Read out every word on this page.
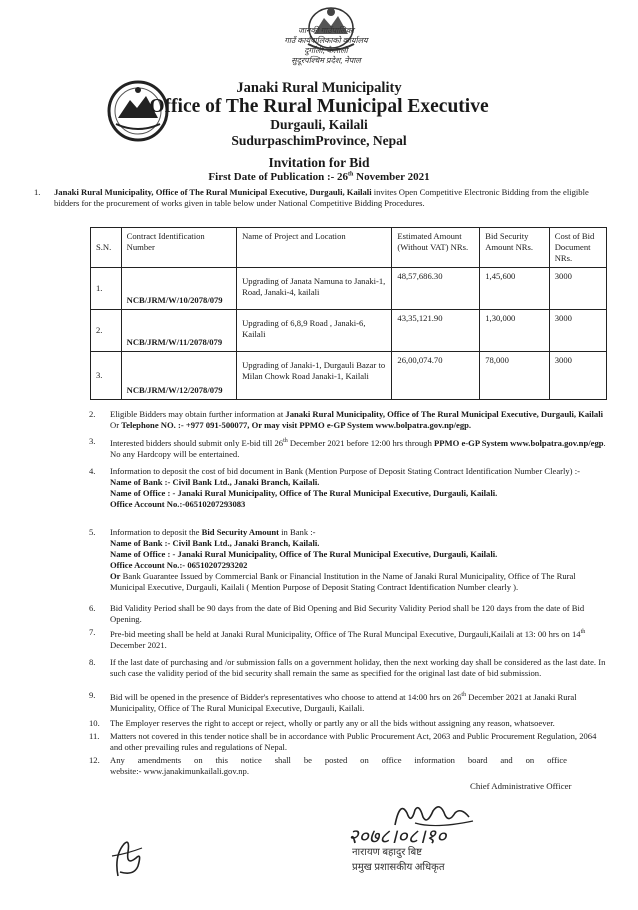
जानकी गाउँपालिका
गाउँ कार्यपालिकाको कार्यालय
दुर्गौली, कैलाली
सुदूरपश्चिम प्रदेश, नेपाल
Janaki Rural Municipality
Office of The Rural Municipal Executive
Durgauli, Kailali
SudurpaschimProvince, Nepal
Invitation for Bid
First Date of Publication :- 26th November 2021
1. Janaki Rural Municipality, Office of The Rural Municipal Executive, Durgauli, Kailali invites Open Competitive Electronic Bidding from the eligible bidders for the procurement of works given in table below under National Competitive Bidding Procedures.
S.N.	Contract Identification Number	Name of Project and Location	Estimated Amount (Without VAT) NRs.	Bid Security Amount NRs.	Cost of Bid Document NRs.
1.	NCB/JRM/W/10/2078/079	Upgrading of Janata Namuna to Janaki-1, Road, Janaki-4, kailali	48,57,686.30	1,45,600	3000
2.	NCB/JRM/W/11/2078/079	Upgrading of 6,8,9 Road , Janaki-6, Kailali	43,35,121.90	1,30,000	3000
3.	NCB/JRM/W/12/2078/079	Upgrading of Janaki-1, Durgauli Bazar to Milan Chowk Road Janaki-1, Kailali	26,00,074.70	78,000	3000
2. Eligible Bidders may obtain further information at Janaki Rural Municipality, Office of The Rural Municipal Executive, Durgauli, Kailali Or Telephone NO. :- +977 091-500077, Or may visit PPMO e-GP System www.bolpatra.gov.np/egp.
3. Interested bidders should submit only E-bid till 26th December 2021 before 12:00 hrs through PPMO e-GP System www.bolpatra.gov.np/egp. No any Hardcopy will be entertained.
4. Information to deposit the cost of bid document in Bank (Mention Purpose of Deposit Stating Contract Identification Number Clearly) :-
Name of Bank :- Civil Bank Ltd., Janaki Branch, Kailali.
Name of Office : - Janaki Rural Municipality, Office of The Rural Municipal Executive, Durgauli, Kailali.
Office Account No.:-06510207293083
5. Information to deposit the Bid Security Amount in Bank :-
Name of Bank :- Civil Bank Ltd., Janaki Branch, Kailali.
Name of Office : - Janaki Rural Municipality, Office of The Rural Municipal Executive, Durgauli, Kailali.
Office Account No.:- 06510207293202
Or Bank Guarantee Issued by Commercial Bank or Financial Institution in the Name of Janaki Rural Municipality, Office of The Rural Municipal Executive, Durgauli, Kailali ( Mention Purpose of Deposit Stating Contract Identification Number clearly ).
6. Bid Validity Period shall be 90 days from the date of Bid Opening and Bid Security Validity Period shall be 120 days from the date of Bid Opening.
7. Pre-bid meeting shall be held at Janaki Rural Municipality, Office of The Rural Muncipal Executive, Durgauli,Kailali at 13: 00 hrs on 14th December 2021.
8. If the last date of purchasing and /or submission falls on a government holiday, then the next working day shall be considered as the last date. In such case the validity period of the bid security shall remain the same as specified for the original last date of bid submission.
9. Bid will be opened in the presence of Bidder's representatives who choose to attend at 14:00 hrs on 26th December 2021 at Janaki Rural Municipality, Office of The Rural Municipal Executive, Durgauli, Kailali.
10. The Employer reserves the right to accept or reject, wholly or partly any or all the bids without assigning any reason, whatsoever.
11. Matters not covered in this tender notice shall be in accordance with Public Procurement Act, 2063 and Public Procurement Regulation, 2064 and other prevailing rules and regulations of Nepal.
12. Any      amendments      on      this      notice      shall      be      posted      on      office      information      board      and      on      office      website:- www.janakimunkailali.gov.np.
Chief Administrative Officer
२०७८।०८।१०
नारायण बहादुर बिष्ट
प्रमुख प्रशासकीय अधिकृत
